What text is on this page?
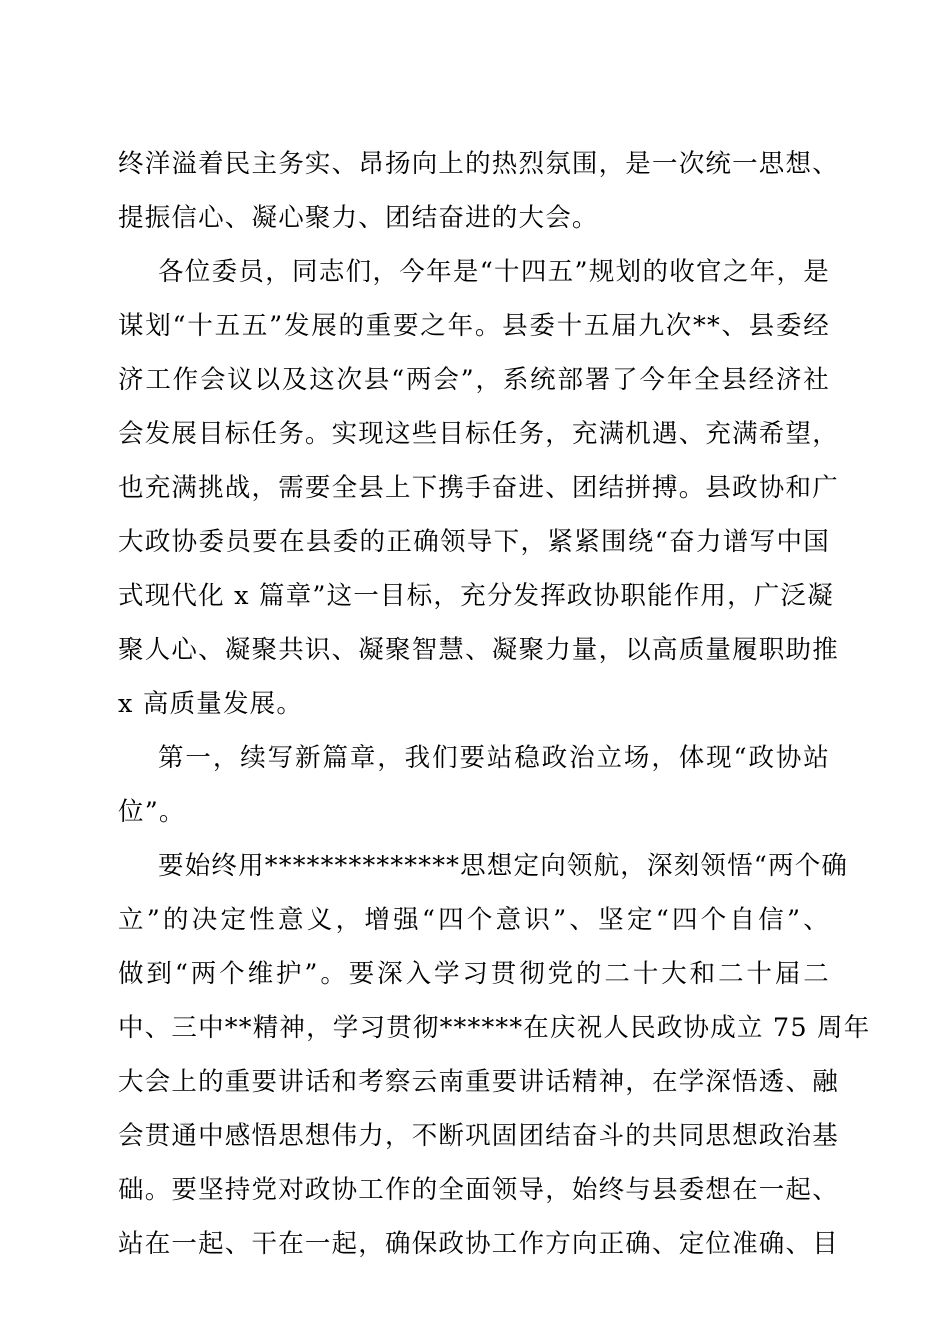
终洋溢着民主务实、昂扬向上的热烈氛围，是一次统一思想、
提振信心、凝心聚力、团结奋进的大会。
各位委员，同志们，今年是“十四五”规划的收官之年，是
谋划“十五五”发展的重要之年。县委十五届九次**、县委经
济工作会议以及这次县“两会”，系统部署了今年全县经济社
会发展目标任务。实现这些目标任务，充满机遇、充满希望，
也充满挑战，需要全县上下携手奋进、团结拼搏。县政协和广
大政协委员要在县委的正确领导下，紧紧围绕“奋力谱写中国
式现代化 x 篇章”这一目标，充分发挥政协职能作用，广泛凝
聚人心、凝聚共识、凝聚智慧、凝聚力量，以高质量履职助推
x 高质量发展。
第一，续写新篇章，我们要站稳政治立场，体现“政协站
位”。
要始终用**************思想定向领航，深刻领悟“两个确
立”的决定性意义，增强“四个意识”、坚定“四个自信”、
做到“两个维护”。要深入学习贯彻党的二十大和二十届二
中、三中**精神，学习贯彻******在庆祝人民政协成立 75 周年
大会上的重要讲话和考察云南重要讲话精神，在学深悟透、融
会贯通中感悟思想伟力，不断巩固团结奋斗的共同思想政治基
础。要坚持党对政协工作的全面领导，始终与县委想在一起、
站在一起、干在一起，确保政协工作方向正确、定位准确、目
